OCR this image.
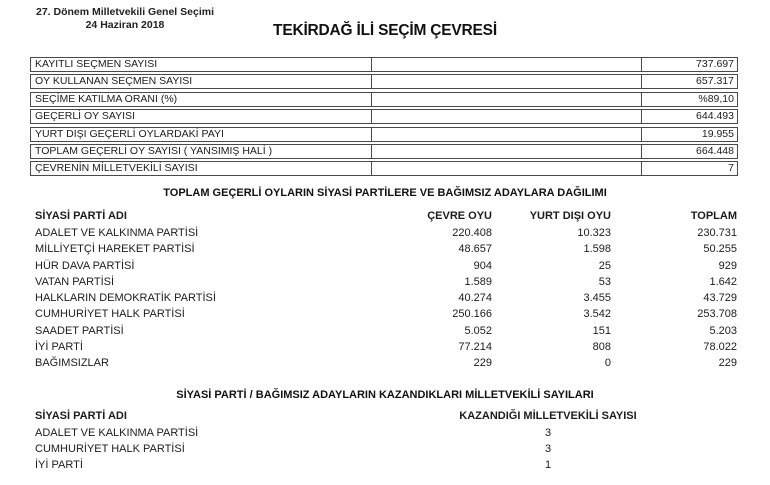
27. Dönem Milletvekili Genel Seçimi
24 Haziran 2018	TEKİRDAĞ İLİ SEÇİM ÇEVRESİ
KAYITLI SEÇMEN SAYISI	737.697
OY KULLANAN SEÇMEN SAYISI	657.317
SEÇİME KATILMA ORANI (%)	%89,10
GEÇERLİ OY SAYISI	644.493
YURT DIŞI GEÇERLİ OYLARDAKİ PAYI	19.955
TOPLAM GEÇERLİ OY SAYISI ( YANSIMIŞ HALİ )	664.448
ÇEVRENİN MİLLETVEKİLİ SAYISI	7
TOPLAM GEÇERLİ OYLARIN SİYASİ PARTİLERE VE BAĞIMSIZ ADAYLARA DAĞILIMI
SİYASİ PARTİ ADI	ÇEVRE OYU	YURT DIŞI OYU	TOPLAM
ADALET VE KALKINMA PARTİSİ	220.408	10.323	230.731
MİLLİYETÇİ HAREKET PARTİSİ	48.657	1.598	50.255
HÜR DAVA PARTİSİ	904	25	929
VATAN PARTİSİ	1.589	53	1.642
HALKLARIN DEMOKRATİK PARTİSİ	40.274	3.455	43.729
CUMHURİYET HALK PARTİSİ	250.166	3.542	253.708
SAADET PARTİSİ	5.052	151	5.203
İYİ PARTİ	77.214	808	78.022
BAĞIMSIZLAR	229	0	229
SİYASİ PARTİ / BAĞIMSIZ ADAYLARIN KAZANDIKLARI MİLLETVEKİLİ SAYILARI
SİYASİ PARTİ ADI	KAZANDIĞI MİLLETVEKİLİ SAYISI
ADALET VE KALKINMA PARTİSİ	3
CUMHURİYET HALK PARTİSİ	3
İYİ PARTİ	1
